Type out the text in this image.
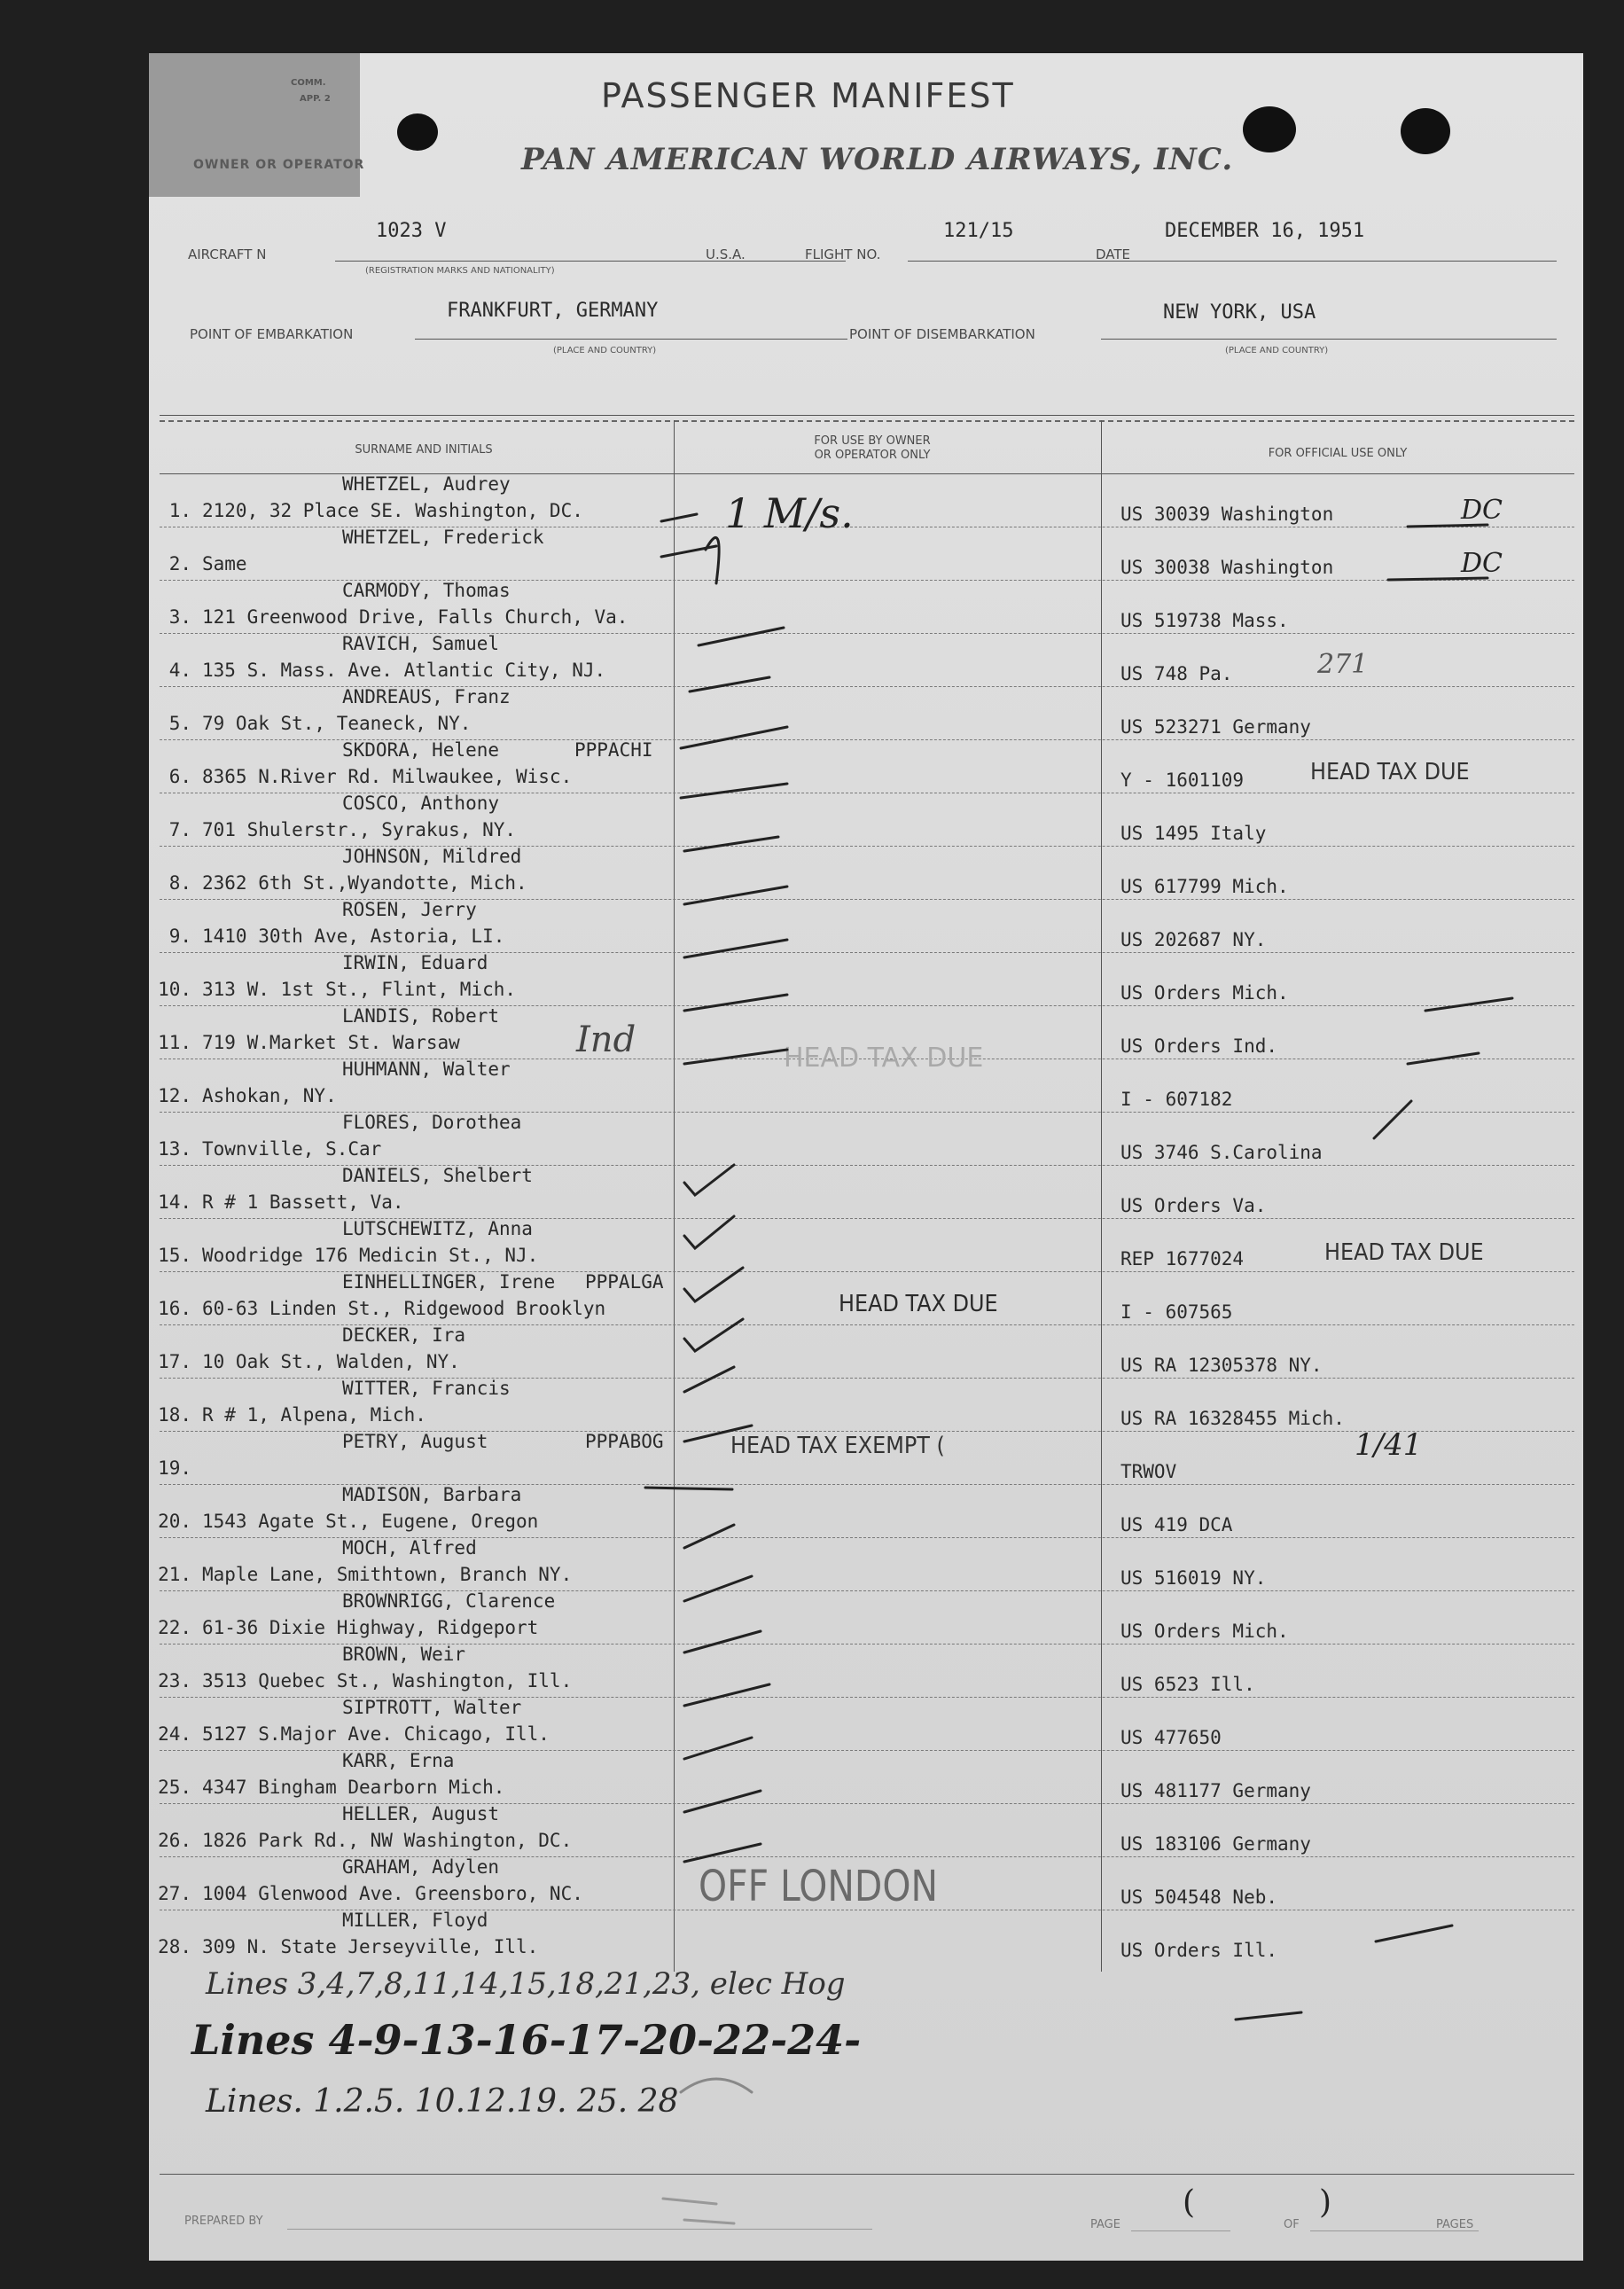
COMM.
APP. 2
OWNER OR OPERATOR
PASSENGER MANIFEST
PAN AMERICAN WORLD AIRWAYS, INC.
AIRCRAFT N
1023 V
(REGISTRATION MARKS AND NATIONALITY)
U.S.A.	FLIGHT NO.
121/15
DATE
DECEMBER 16, 1951
POINT OF EMBARKATION
FRANKFURT, GERMANY
(PLACE AND COUNTRY)
POINT OF DISEMBARKATION
NEW YORK, USA
(PLACE AND COUNTRY)
SURNAME AND INITIALS
FOR USE BY OWNER
OR OPERATOR ONLY	FOR OFFICIAL USE ONLY
WHETZEL, Audrey
1. 2120, 32 Place SE. Washington, DC.	US 30039 Washington
WHETZEL, Frederick
2. Same	US 30038 Washington
CARMODY, Thomas
3. 121 Greenwood Drive, Falls Church, Va.	US 519738 Mass.
RAVICH, Samuel
4. 135 S. Mass. Ave. Atlantic City, NJ.	US 748 Pa.
ANDREAUS, Franz
5. 79 Oak St., Teaneck, NY.	US 523271 Germany
SKDORA, Helene	PPPACHI
6. 8365 N.River Rd. Milwaukee, Wisc.	Y - 1601109	HEAD TAX DUE
COSCO, Anthony
7. 701 Shulerstr., Syrakus, NY.	US 1495 Italy
JOHNSON, Mildred
8. 2362 6th St.,Wyandotte, Mich.	US 617799 Mich.
ROSEN, Jerry
9. 1410 30th Ave, Astoria, LI.	US 202687 NY.
IRWIN, Eduard
10. 313 W. 1st St., Flint, Mich.	US Orders Mich.
LANDIS, Robert
11. 719 W.Market St. Warsaw	US Orders Ind.
HUHMANN, Walter
12. Ashokan, NY.	I - 607182
HEAD TAX DUE
FLORES, Dorothea
13. Townville, S.Car	US 3746 S.Carolina
DANIELS, Shelbert
14. R # 1 Bassett, Va.	US Orders Va.
LUTSCHEWITZ, Anna
15. Woodridge 176 Medicin St., NJ.	REP 1677024	HEAD TAX DUE
EINHELLINGER, Irene PPPALGA
16. 60-63 Linden St., Ridgewood Brooklyn	I - 607565
HEAD TAX DUE
DECKER, Ira
17. 10 Oak St., Walden, NY.	US RA 12305378 NY.
WITTER, Francis
18. R # 1, Alpena, Mich.	US RA 16328455 Mich.
PETRY, August	PPPABOG
19.	TRWOV
HEAD TAX EXEMPT (
MADISON, Barbara
20. 1543 Agate St., Eugene, Oregon	US 419 DCA
MOCH, Alfred
21. Maple Lane, Smithtown, Branch NY.	US 516019 NY.
BROWNRIGG, Clarence
22. 61-36 Dixie Highway, Ridgeport	US Orders Mich.
BROWN, Weir
23. 3513 Quebec St., Washington, Ill.	US 6523 Ill.
SIPTROTT, Walter
24. 5127 S.Major Ave. Chicago, Ill.	US 477650
KARR, Erna
25. 4347 Bingham Dearborn Mich.	US 481177 Germany
HELLER, August
26. 1826 Park Rd., NW Washington, DC.	US 183106 Germany
GRAHAM, Adylen
27. 1004 Glenwood Ave. Greensboro, NC.	US 504548 Neb.
OFF LONDON
MILLER, Floyd
28. 309 N. State Jerseyville, Ill.	US Orders Ill.
1 M/s.	DC
DC
271
Ind
1/41
Lines 3,4,7,8,11,14,15,18,21,23, elec Hog
Lines 4-9-13-16-17-20-22-24-
Lines. 1.2.5. 10.12.19. 25. 28
PREPARED BY	PAGE
(
OF
)
PAGES
